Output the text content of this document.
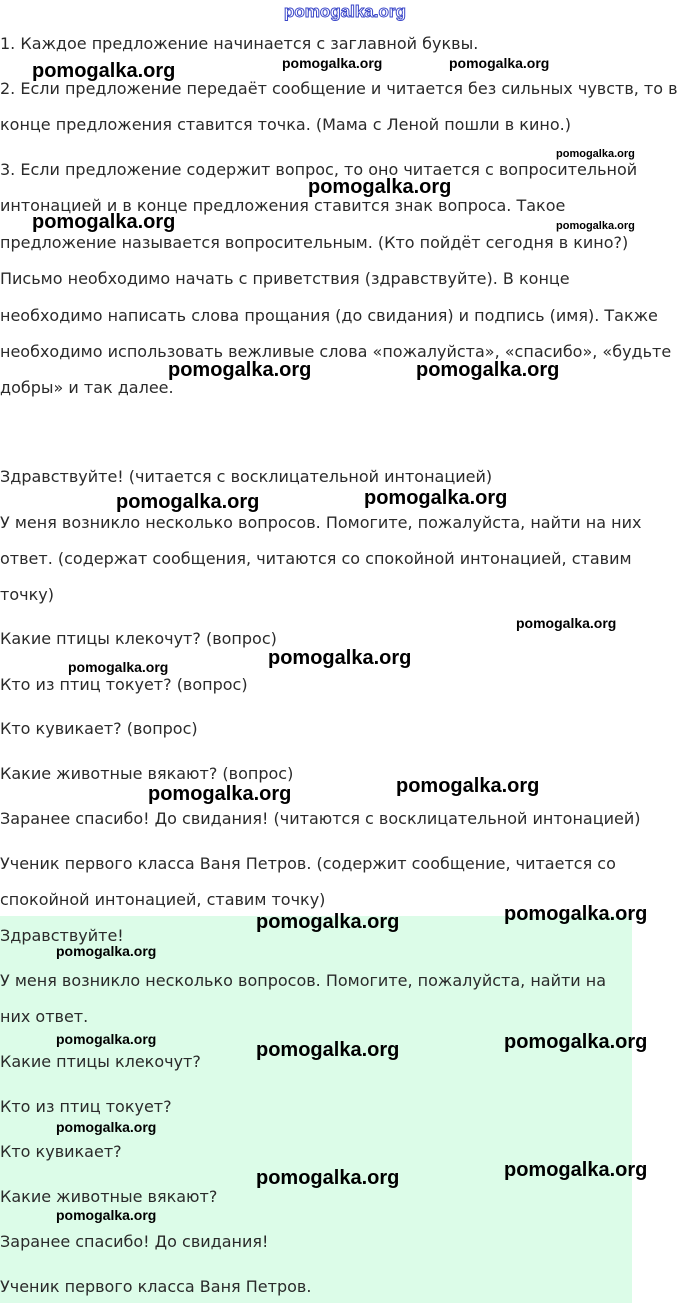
pomogalka.org
1. Каждое предложение начинается с заглавной буквы.
2. Если предложение передаёт сообщение и читается без сильных чувств, то в
конце предложения ставится точка. (Мама с Леной пошли в кино.)
3. Если предложение содержит вопрос, то оно читается с вопросительной
интонацией и в конце предложения ставится знак вопроса. Такое
предложение называется вопросительным. (Кто пойдёт сегодня в кино?)
Письмо необходимо начать с приветствия (здравствуйте). В конце
необходимо написать слова прощания (до свидания) и подпись (имя). Также
необходимо использовать вежливые слова «пожалуйста», «спасибо», «будьте
добры» и так далее.
Здравствуйте! (читается с восклицательной интонацией)
У меня возникло несколько вопросов. Помогите, пожалуйста, найти на них
ответ. (содержат сообщения, читаются со спокойной интонацией, ставим
точку)
Какие птицы клекочут? (вопрос)
Кто из птиц токует? (вопрос)
Кто кувикает? (вопрос)
Какие животные вякают? (вопрос)
Заранее спасибо! До свидания! (читаются с восклицательной интонацией)
Ученик первого класса Ваня Петров. (содержит сообщение, читается со
спокойной интонацией, ставим точку)
Здравствуйте!
У меня возникло несколько вопросов. Помогите, пожалуйста, найти на
них ответ.
Какие птицы клекочут?
Кто из птиц токует?
Кто кувикает?
Какие животные вякают?
Заранее спасибо! До свидания!
Ученик первого класса Ваня Петров.
pomogalka.org	pomogalka.org	pomogalka.org
pomogalka.org
pomogalka.org
pomogalka.org	pomogalka.org
pomogalka.org	pomogalka.org
pomogalka.org	pomogalka.org
pomogalka.org
pomogalka.org
pomogalka.org
pomogalka.org
pomogalka.org
pomogalka.org
pomogalka.org
pomogalka.org
pomogalka.org	pomogalka.org
pomogalka.org
pomogalka.org
pomogalka.org
pomogalka.org
pomogalka.org
